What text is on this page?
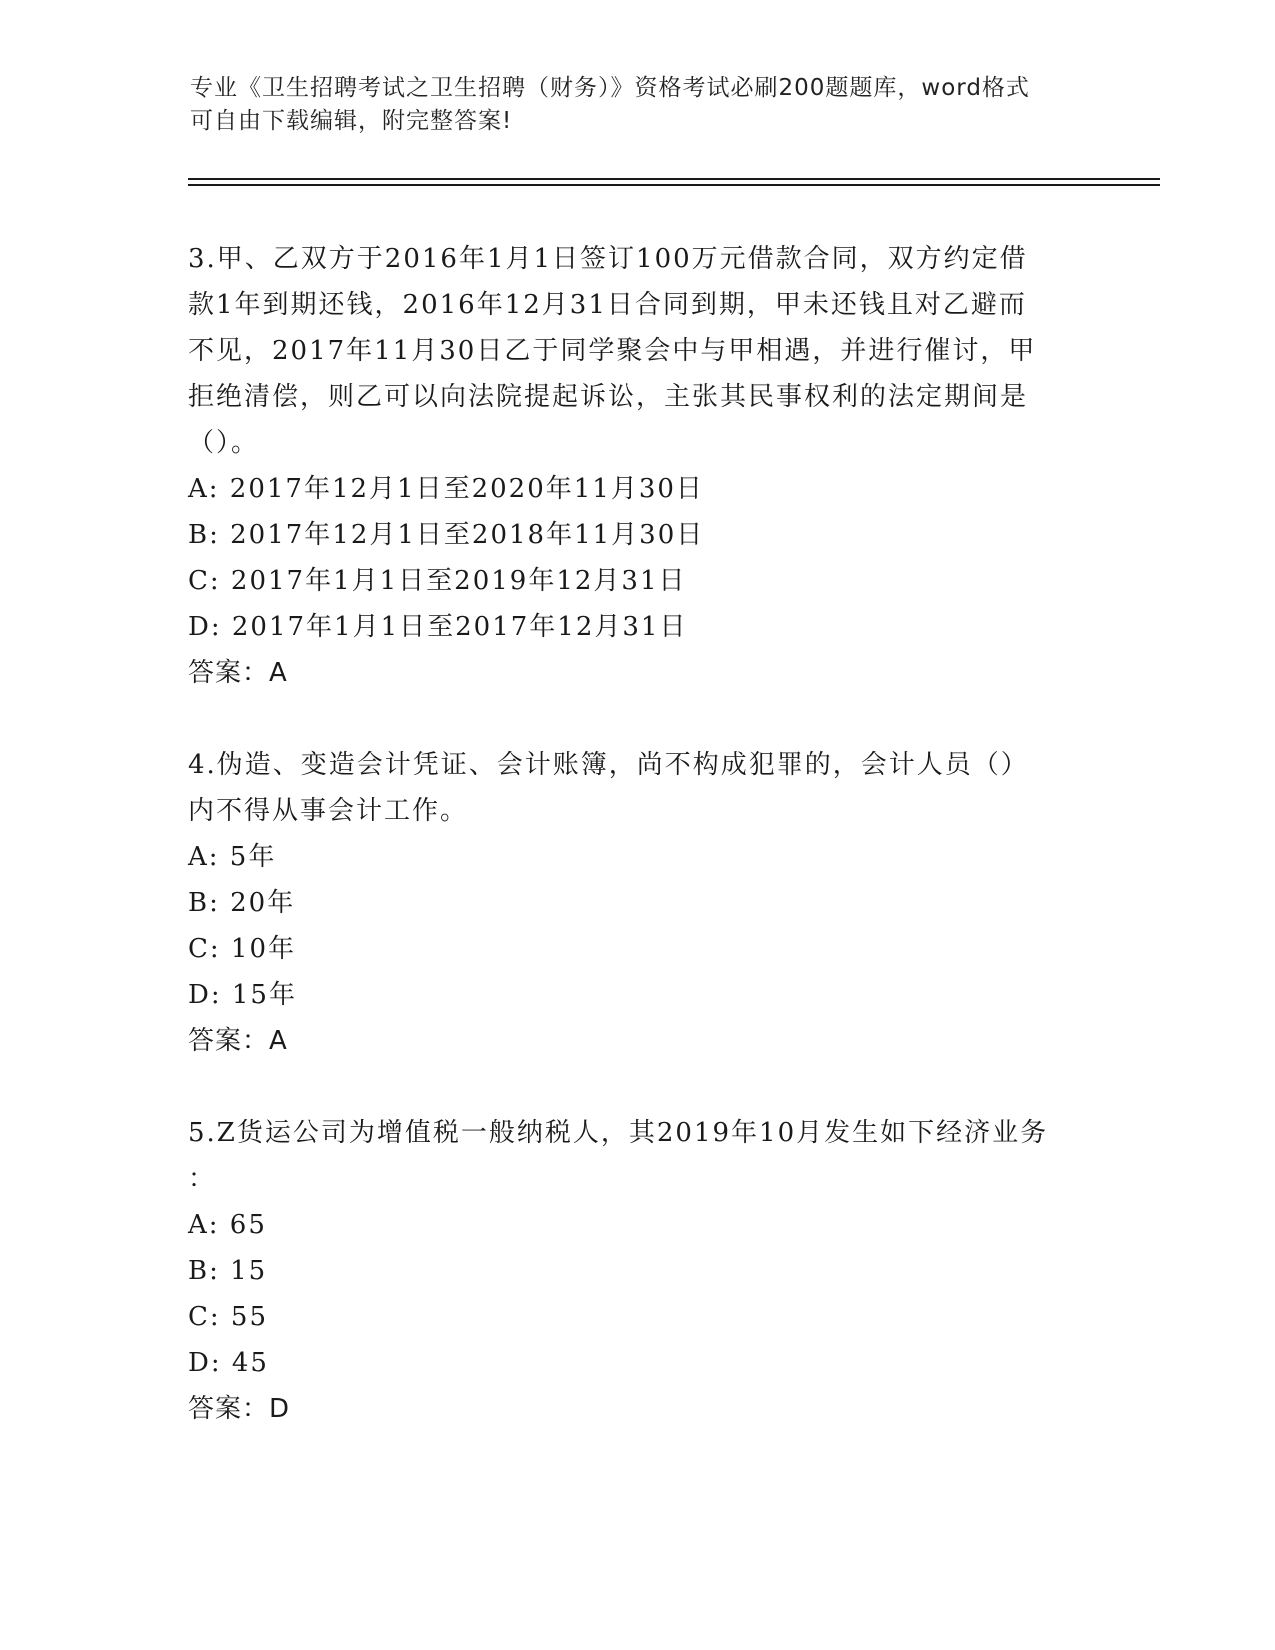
专业《卫生招聘考试之卫生招聘（财务）》资格考试必刷200题题库，word格式

可自由下载编辑，附完整答案!

3.甲、乙双方于2016年1月1日签订100万元借款合同，双方约定借
款1年到期还钱，2016年12月31日合同到期，甲未还钱且对乙避而
不见，2017年11月30日乙于同学聚会中与甲相遇，并进行催讨，甲
拒绝清偿，则乙可以向法院提起诉讼，主张其民事权利的法定期间是
（）。

A: 2017年12月1日至2020年11月30日

B: 2017年12月1日至2018年11月30日

C: 2017年1月1日至2019年12月31日

D: 2017年1月1日至2017年12月31日

答案：A

4.伪造、变造会计凭证、会计账簿，尚不构成犯罪的，会计人员（）
内不得从事会计工作。

A: 5年

B: 20年

C: 10年

D: 15年

答案：A

5.Z货运公司为增值税一般纳税人，其2019年10月发生如下经济业务
：

A: 65

B: 15

C: 55

D: 45

答案：D
